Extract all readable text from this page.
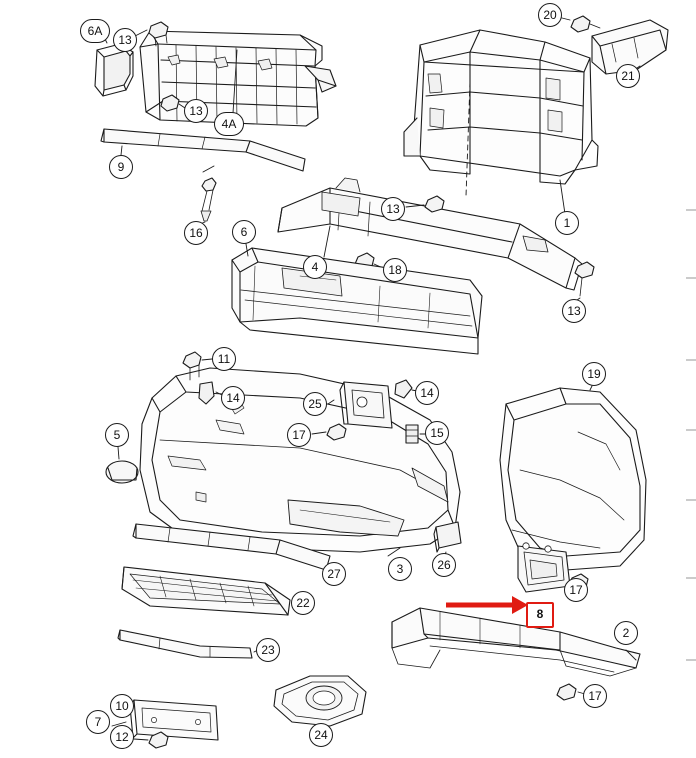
6A
13
20
21
13
4A
9
13
1
16	6
4	18
13
11
19
14	25
14
5	17	15
3	26
27
17
8
22
2
23
17
10
7
24
12
